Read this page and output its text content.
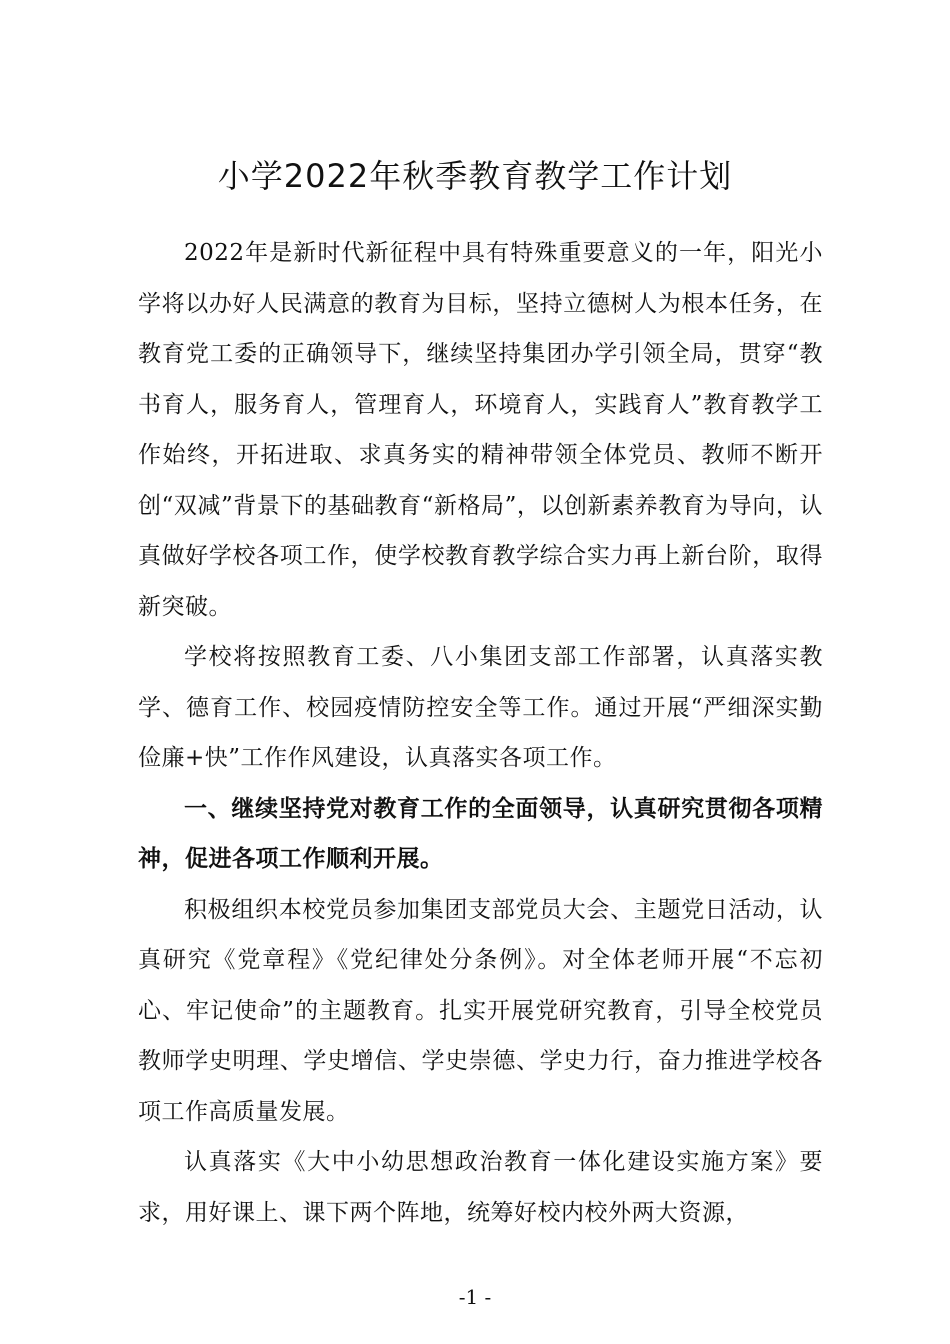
小学2022年秋季教育教学工作计划

2022年是新时代新征程中具有特殊重要意义的一年，阳光小学将以办好人民满意的教育为目标，坚持立德树人为根本任务，在教育党工委的正确领导下，继续坚持集团办学引领全局，贯穿“教书育人，服务育人，管理育人，环境育人，实践育人”教育教学工作始终，开拓进取、求真务实的精神带领全体党员、教师不断开创“双减”背景下的基础教育“新格局”，以创新素养教育为导向，认真做好学校各项工作，使学校教育教学综合实力再上新台阶，取得新突破。

学校将按照教育工委、八小集团支部工作部署，认真落实教学、德育工作、校园疫情防控安全等工作。通过开展“严细深实勤俭廉+快”工作作风建设，认真落实各项工作。

一、继续坚持党对教育工作的全面领导，认真研究贯彻各项精神，促进各项工作顺利开展。

积极组织本校党员参加集团支部党员大会、主题党日活动，认真研究《党章程》《党纪律处分条例》。对全体老师开展“不忘初心、牢记使命”的主题教育。扎实开展党研究教育，引导全校党员教师学史明理、学史增信、学史崇德、学史力行，奋力推进学校各项工作高质量发展。

认真落实《大中小幼思想政治教育一体化建设实施方案》要求，用好课上、课下两个阵地，统筹好校内校外两大资源，

-1 -
